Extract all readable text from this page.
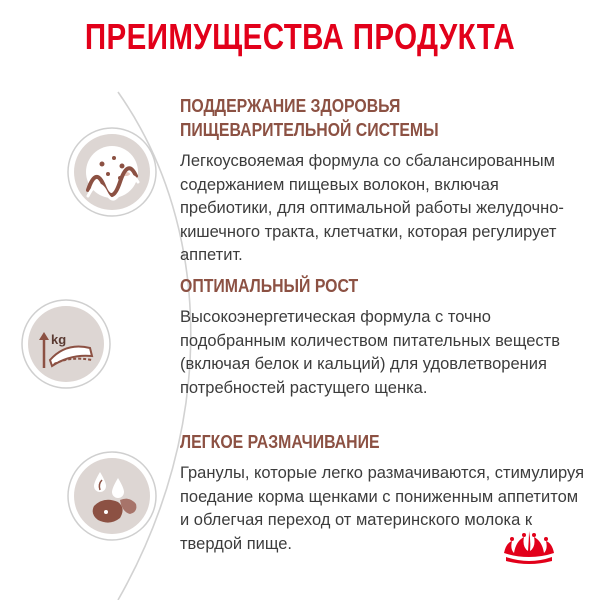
ПРЕИМУЩЕСТВА ПРОДУКТА
kg
ПОДДЕРЖАНИЕ ЗДОРОВЬЯ
ПИЩЕВАРИТЕЛЬНОЙ СИСТЕМЫ

Легкоусвояемая формула со сбалансированным содержанием пищевых волокон, включая пребиотики, для оптимальной работы желудочно-кишечного тракта, клетчатки, которая регулирует аппетит.

ОПТИМАЛЬНЫЙ РОСТ

Высокоэнергетическая формула с точно подобранным количеством питательных веществ (включая белок и кальций) для удовлетворения потребностей растущего щенка.

ЛЕГКОЕ РАЗМАЧИВАНИЕ

Гранулы, которые легко размачиваются, стимулируя поедание корма щенками с пониженным аппетитом и облегчая переход от материнского молока к твердой пище.
